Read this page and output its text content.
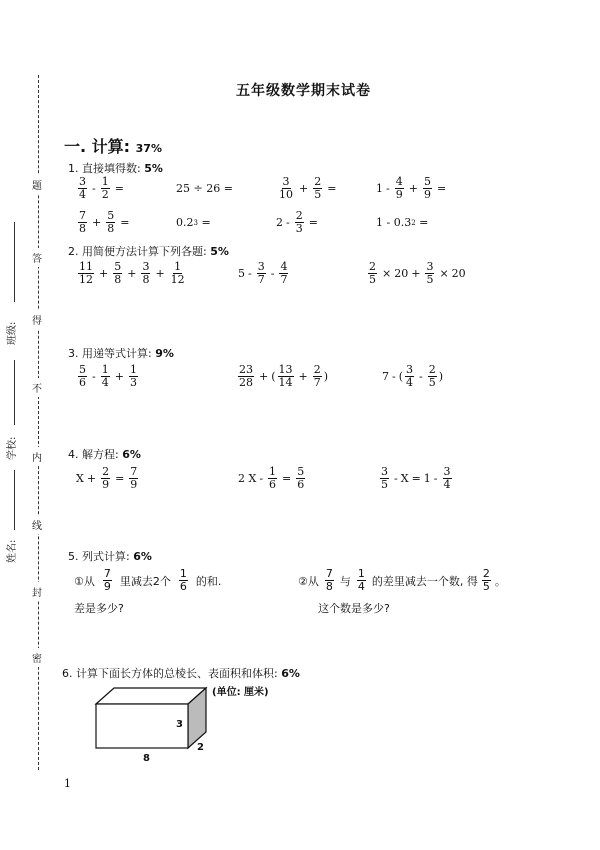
题
答
得
不
内
线
封
密
班级:
学校:
姓名:
五年级数学期末试卷
一. 计算: 37%
1. 直接填得数: 5%
$\frac{3}{4} - \frac{1}{2}$ =	25 ÷ 26 =	$\frac{3}{10} + \frac{2}{5}$ =	$1 - \frac{4}{9} + \frac{5}{9}$ =
$\frac{7}{8} + \frac{5}{8}$ =	0.2 3 =	$2 - \frac{2}{3}$ =	1 - 0.3 2 =
2. 用简便方法计算下列各题: 5%
$\frac{11}{12} + \frac{5}{8} + \frac{3}{8} + \frac{1}{12}$	$5 - \frac{3}{7} - \frac{4}{7}$	$\frac{2}{5} \times 20 + \frac{3}{5} \times 20$
3. 用递等式计算: 9%
$\frac{5}{6} - \frac{1}{4} + \frac{1}{3}$	$\frac{23}{28}$ + ( $\frac{13}{14} + \frac{2}{7}$ )	7 - ( $\frac{3}{4} - \frac{2}{5}$ )
4. 解方程: 6%
$X + \frac{2}{9} = \frac{7}{9}$	2 $X - \frac{1}{6} = \frac{5}{6}$	$\frac{3}{5} - X = 1 - \frac{3}{4}$
5. 列式计算: 6%
①从 $\frac{7}{9}$ 里减去 2个 $\frac{1}{6}$ 的和.
差是多少?
②从 $\frac{7}{8}$ 与 $\frac{1}{4}$ 的差里减去一个数, 得 $\frac{2}{5}$ 。
这个数是多少?
6. 计算下面长方体的总棱长、表面积和体积: 6%
(单位: 厘米)
3
2
8
1
